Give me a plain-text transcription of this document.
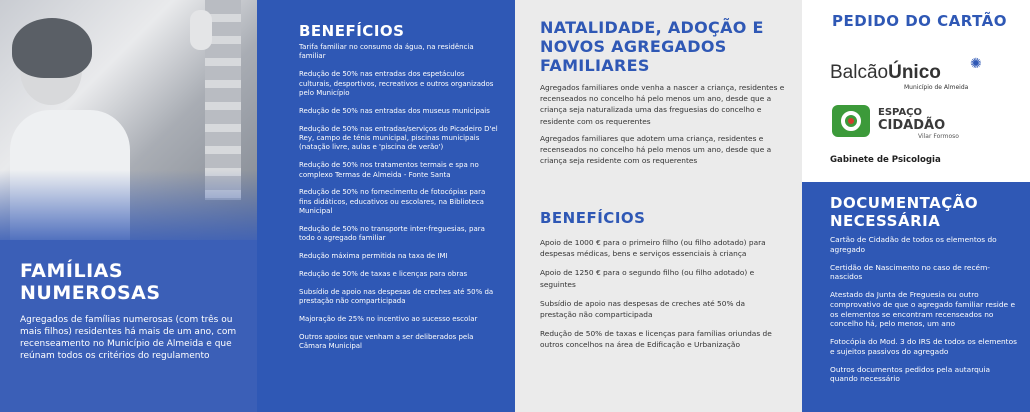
FAMÍLIAS NUMEROSAS

Agregados de famílias numerosas (com três ou mais filhos) residentes há mais de um ano, com recenseamento no Município de Almeida e que reúnam todos os critérios do regulamento

BENEFÍCIOS
Tarifa familiar no consumo da água, na residência familiar
Redução de 50% nas entradas dos espetáculos culturais, desportivos, recreativos e outros organizados pelo Município
Redução de 50% nas entradas dos museus municipais
Redução de 50% nas entradas/serviços do Picadeiro D'el Rey, campo de ténis municipal, piscinas municipais (natação livre, aulas e 'piscina de verão')
Redução de 50% nos tratamentos termais e spa no complexo Termas de Almeida - Fonte Santa
Redução de 50% no fornecimento de fotocópias para fins didáticos, educativos ou escolares, na Biblioteca Municipal
Redução de 50% no transporte inter-freguesias, para todo o agregado familiar
Redução máxima permitida na taxa de IMI
Redução de 50% de taxas e licenças para obras
Subsídio de apoio nas despesas de creches até 50% da prestação não comparticipada
Majoração de 25% no incentivo ao sucesso escolar
Outros apoios que venham a ser deliberados pela Câmara Municipal
NATALIDADE, ADOÇÃO E NOVOS AGREGADOS FAMILIARES

Agregados familiares onde venha a nascer a criança, residentes e recenseados no concelho há pelo menos um ano, desde que a criança seja naturalizada uma das freguesias do concelho e residente com os requerentes

Agregados familiares que adotem uma criança, residentes e recenseados no concelho há pelo menos um ano, desde que a criança seja residente com os requerentes

BENEFÍCIOS
Apoio de 1000 € para o primeiro filho (ou filho adotado) para despesas médicas, bens e serviços essenciais à criança
Apoio de 1250 € para o segundo filho (ou filho adotado) e seguintes
Subsídio de apoio nas despesas de creches até 50% da prestação não comparticipada
Redução de 50% de taxas e licenças para famílias oriundas de outros concelhos na área de Edificação e Urbanização
PEDIDO DO CARTÃO
BalcãoÚnico ✺
Município de Almeida
ESPAÇO
CIDADÃO
Vilar Formoso
Gabinete de Psicologia
DOCUMENTAÇÃO NECESSÁRIA
Cartão de Cidadão de todos os elementos do agregado
Certidão de Nascimento no caso de recém-nascidos
Atestado da Junta de Freguesia ou outro comprovativo de que o agregado familiar reside e os elementos se encontram recenseados no concelho há, pelo menos, um ano
Fotocópia do Mod. 3 do IRS de todos os elementos e sujeitos passivos do agregado
Outros documentos pedidos pela autarquia quando necessário
